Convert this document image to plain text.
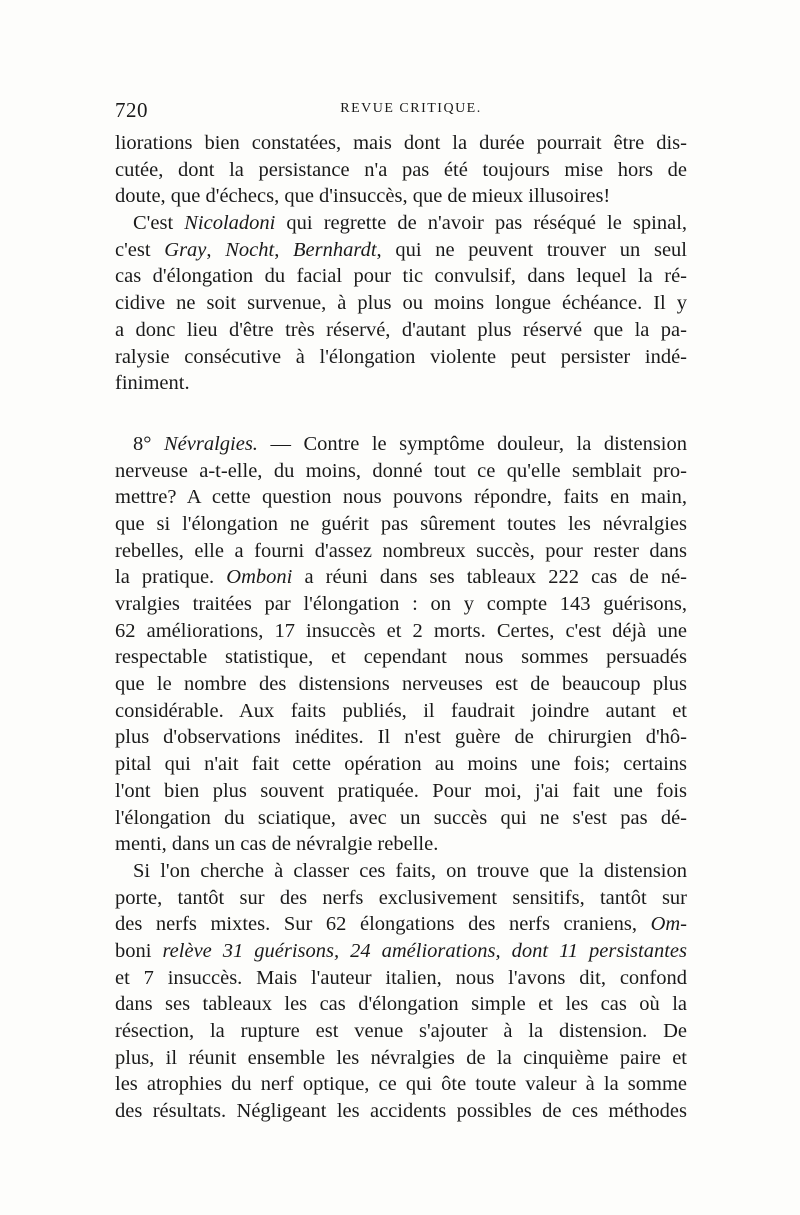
720	REVUE CRITIQUE.
liorations bien constatées, mais dont la durée pourrait être dis-
cutée, dont la persistance n'a pas été toujours mise hors de
doute, que d'échecs, que d'insuccès, que de mieux illusoires!
C'est Nicoladoni qui regrette de n'avoir pas réséqué le spinal,
c'est Gray, Nocht, Bernhardt, qui ne peuvent trouver un seul
cas d'élongation du facial pour tic convulsif, dans lequel la ré-
cidive ne soit survenue, à plus ou moins longue échéance. Il y
a donc lieu d'être très réservé, d'autant plus réservé que la pa-
ralysie consécutive à l'élongation violente peut persister indé-
finiment.
8° Névralgies. — Contre le symptôme douleur, la distension
nerveuse a-t-elle, du moins, donné tout ce qu'elle semblait pro-
mettre? A cette question nous pouvons répondre, faits en main,
que si l'élongation ne guérit pas sûrement toutes les névralgies
rebelles, elle a fourni d'assez nombreux succès, pour rester dans
la pratique. Omboni a réuni dans ses tableaux 222 cas de né-
vralgies traitées par l'élongation : on y compte 143 guérisons,
62 améliorations, 17 insuccès et 2 morts. Certes, c'est déjà une
respectable statistique, et cependant nous sommes persuadés
que le nombre des distensions nerveuses est de beaucoup plus
considérable. Aux faits publiés, il faudrait joindre autant et
plus d'observations inédites. Il n'est guère de chirurgien d'hô-
pital qui n'ait fait cette opération au moins une fois; certains
l'ont bien plus souvent pratiquée. Pour moi, j'ai fait une fois
l'élongation du sciatique, avec un succès qui ne s'est pas dé-
menti, dans un cas de névralgie rebelle.
Si l'on cherche à classer ces faits, on trouve que la distension
porte, tantôt sur des nerfs exclusivement sensitifs, tantôt sur
des nerfs mixtes. Sur 62 élongations des nerfs craniens, Om-
boni relève 31 guérisons, 24 améliorations, dont 11 persistantes
et 7 insuccès. Mais l'auteur italien, nous l'avons dit, confond
dans ses tableaux les cas d'élongation simple et les cas où la
résection, la rupture est venue s'ajouter à la distension. De
plus, il réunit ensemble les névralgies de la cinquième paire et
les atrophies du nerf optique, ce qui ôte toute valeur à la somme
des résultats. Négligeant les accidents possibles de ces méthodes
